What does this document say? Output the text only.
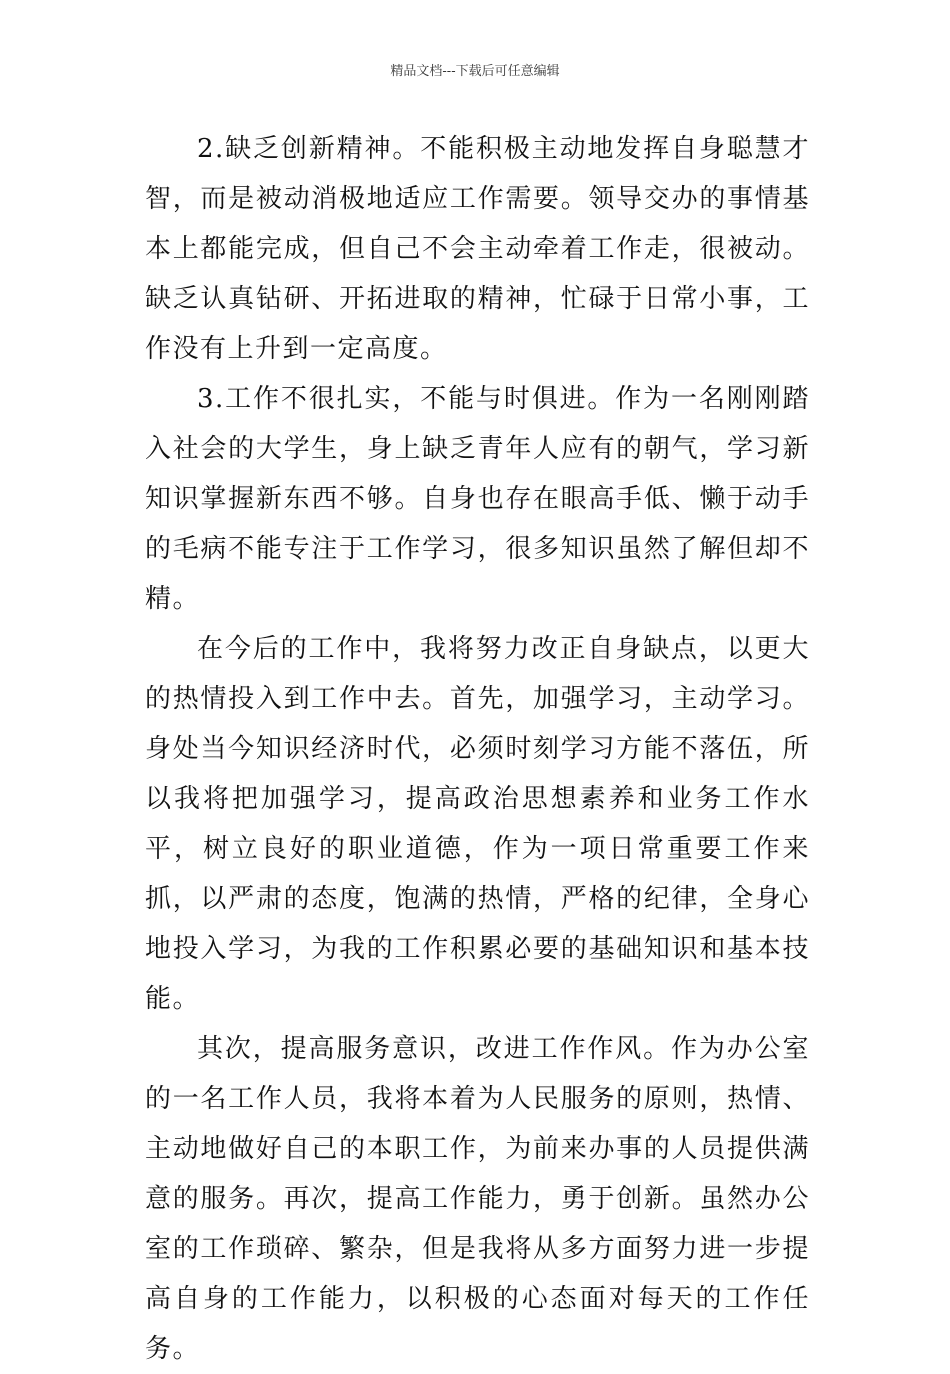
精品文档---下载后可任意编辑

2.缺乏创新精神。不能积极主动地发挥自身聪慧才智，而是被动消极地适应工作需要。领导交办的事情基本上都能完成，但自己不会主动牵着工作走，很被动。缺乏认真钻研、开拓进取的精神，忙碌于日常小事，工作没有上升到一定高度。

3.工作不很扎实，不能与时俱进。作为一名刚刚踏入社会的大学生，身上缺乏青年人应有的朝气，学习新知识掌握新东西不够。自身也存在眼高手低、懒于动手的毛病不能专注于工作学习，很多知识虽然了解但却不精。

在今后的工作中，我将努力改正自身缺点，以更大的热情投入到工作中去。首先，加强学习，主动学习。身处当今知识经济时代，必须时刻学习方能不落伍，所以我将把加强学习，提高政治思想素养和业务工作水平，树立良好的职业道德，作为一项日常重要工作来抓，以严肃的态度，饱满的热情，严格的纪律，全身心地投入学习，为我的工作积累必要的基础知识和基本技能。

其次，提高服务意识，改进工作作风。作为办公室的一名工作人员，我将本着为人民服务的原则，热情、主动地做好自己的本职工作，为前来办事的人员提供满意的服务。再次，提高工作能力，勇于创新。虽然办公室的工作琐碎、繁杂，但是我将从多方面努力进一步提高自身的工作能力，以积极的心态面对每天的工作任务。
